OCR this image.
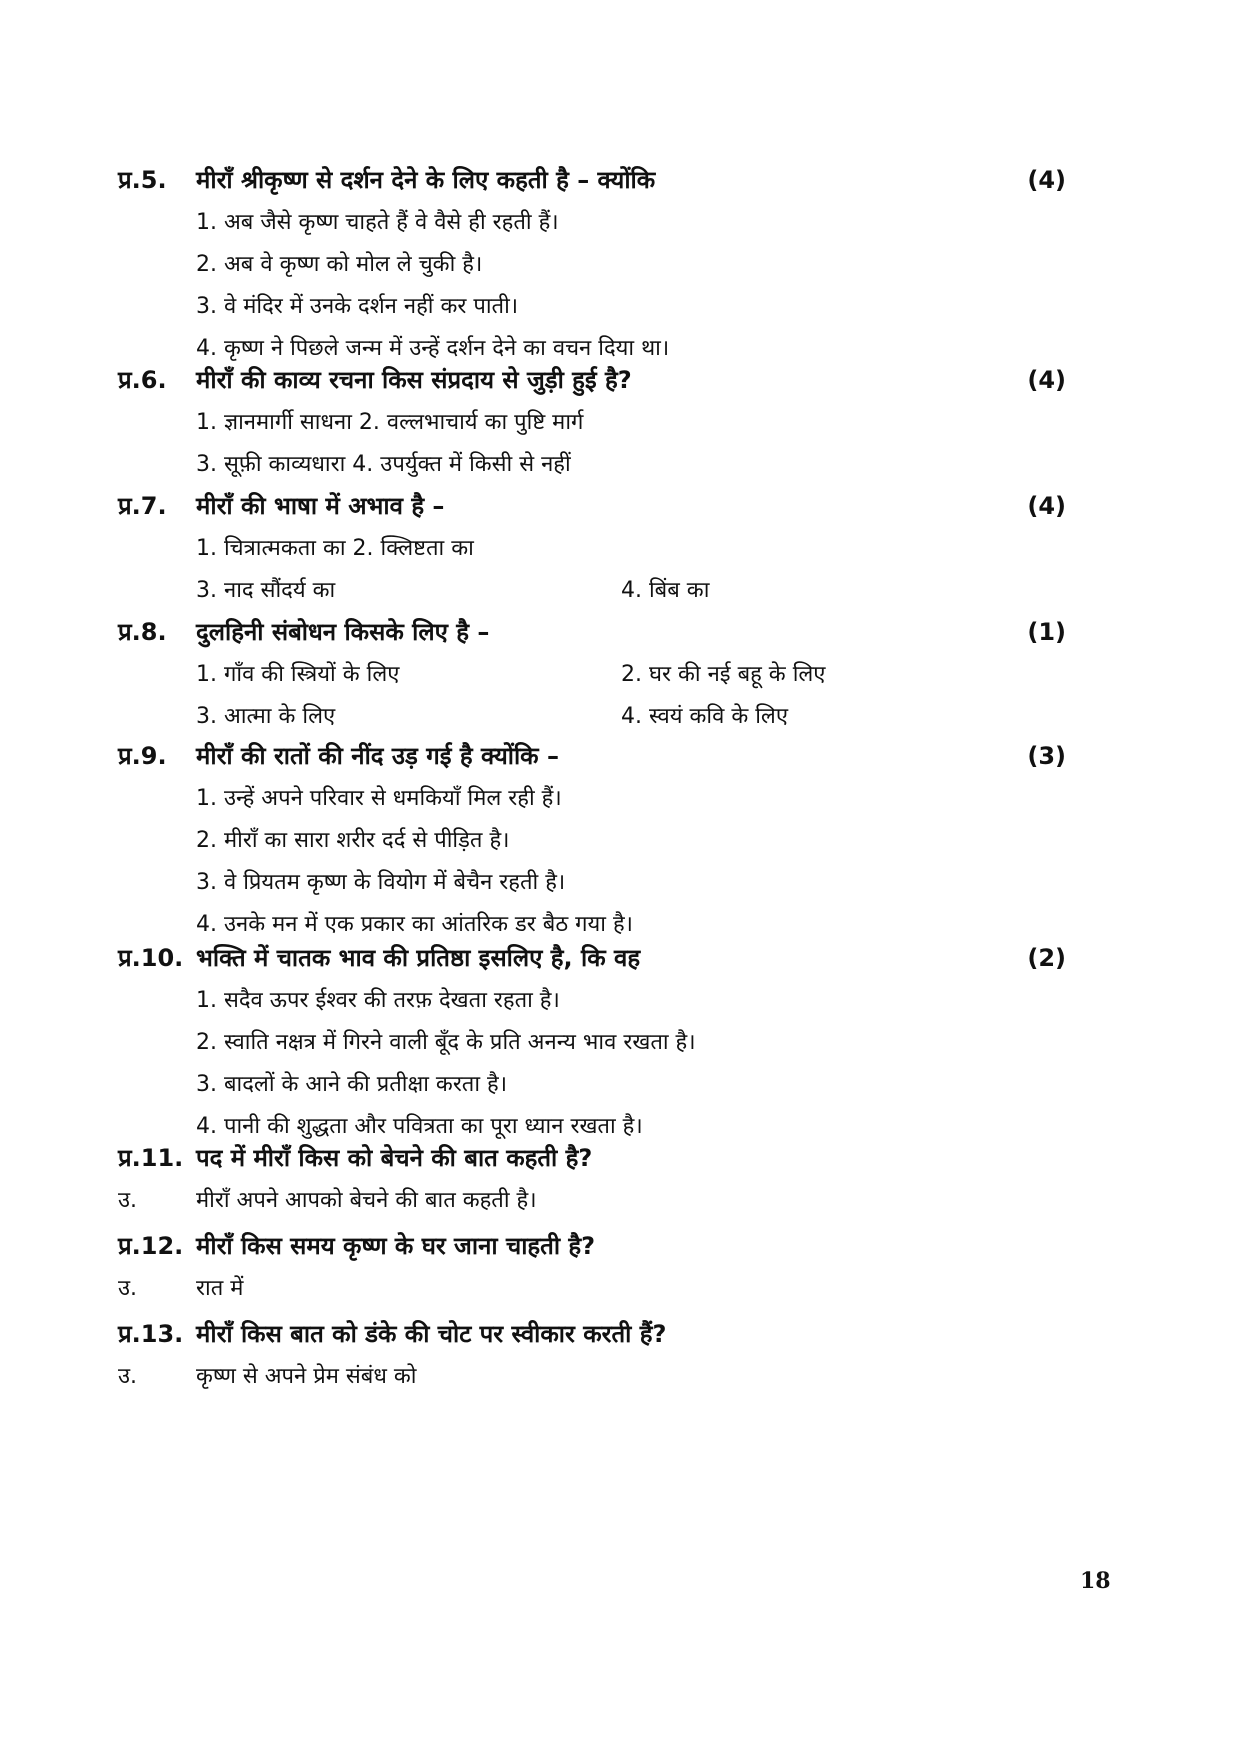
प्र.5.	मीराँ श्रीकृष्ण से दर्शन देने के लिए कहती है – क्योंकि	(4)
1. अब जैसे कृष्ण चाहते हैं वे वैसे ही रहती हैं।
2. अब वे कृष्ण को मोल ले चुकी है।
3. वे मंदिर में उनके दर्शन नहीं कर पाती।
4. कृष्ण ने पिछले जन्म में उन्हें दर्शन देने का वचन दिया था।
प्र.6.	मीराँ की काव्य रचना किस संप्रदाय से जुड़ी हुई है?	(4)
1. ज्ञानमार्गी साधना 2. वल्लभाचार्य का पुष्टि मार्ग
3. सूफ़ी काव्यधारा 4. उपर्युक्त में किसी से नहीं
प्र.7.	मीराँ की भाषा में अभाव है –	(4)
1. चित्रात्मकता का 2. क्लिष्टता का
3. नाद सौंदर्य का	4. बिंब का
प्र.8.	दुलहिनी संबोधन किसके लिए है –	(1)
1. गाँव की स्त्रियों के लिए	2. घर की नई बहू के लिए
3. आत्मा के लिए	4. स्वयं कवि के लिए
प्र.9.	मीराँ की रातों की नींद उड़ गई है क्योंकि –	(3)
1. उन्हें अपने परिवार से धमकियाँ मिल रही हैं।
2. मीराँ का सारा शरीर दर्द से पीड़ित है।
3. वे प्रियतम कृष्ण के वियोग में बेचैन रहती है।
4. उनके मन में एक प्रकार का आंतरिक डर बैठ गया है।
प्र.10. भक्ति में चातक भाव की प्रतिष्ठा इसलिए है, कि वह	(2)
1. सदैव ऊपर ईश्वर की तरफ़ देखता रहता है।
2. स्वाति नक्षत्र में गिरने वाली बूँद के प्रति अनन्य भाव रखता है।
3. बादलों के आने की प्रतीक्षा करता है।
4. पानी की शुद्धता और पवित्रता का पूरा ध्यान रखता है।
प्र.11. पद में मीराँ किस को बेचने की बात कहती है?
उ.	मीराँ अपने आपको बेचने की बात कहती है।
प्र.12. मीराँ किस समय कृष्ण के घर जाना चाहती है?
उ.	रात में
प्र.13. मीराँ किस बात को डंके की चोट पर स्वीकार करती हैं?
उ.	कृष्ण से अपने प्रेम संबंध को
18
